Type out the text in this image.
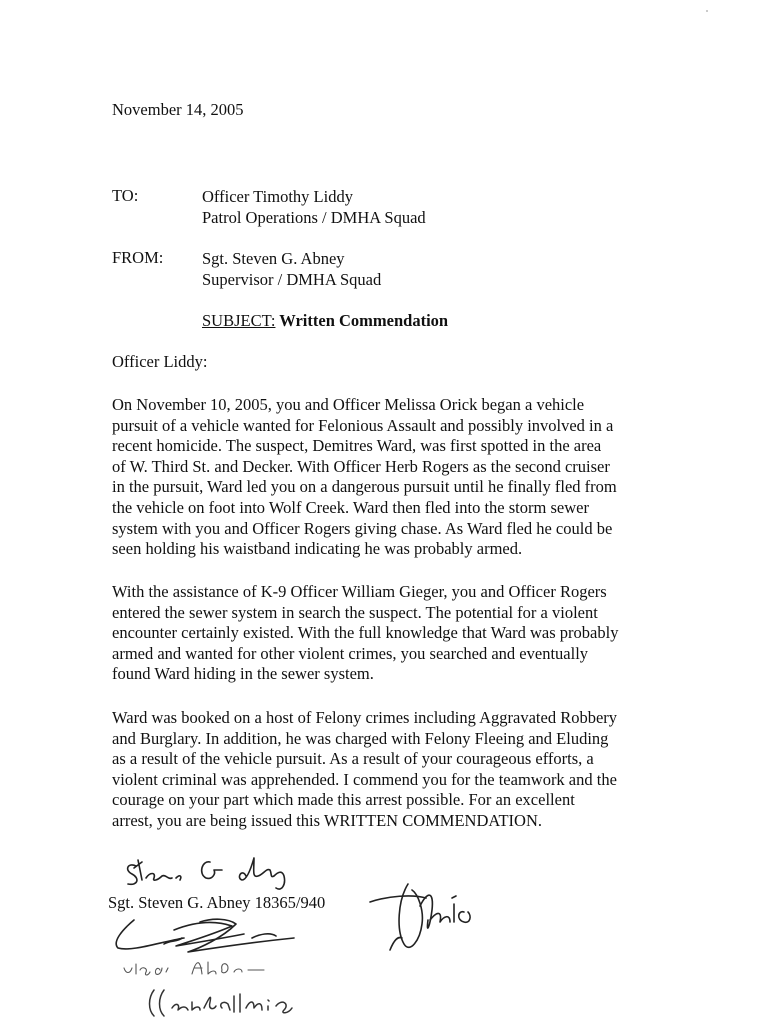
November 14, 2005
TO:	Officer Timothy Liddy
Patrol Operations / DMHA Squad
FROM: Sgt. Steven G. Abney
Supervisor / DMHA Squad
SUBJECT: Written Commendation
Officer Liddy:
On November 10, 2005, you and Officer Melissa Orick began a vehicle
pursuit of a vehicle wanted for Felonious Assault and possibly involved in a
recent homicide. The suspect, Demitres Ward, was first spotted in the area
of W. Third St. and Decker. With Officer Herb Rogers as the second cruiser
in the pursuit, Ward led you on a dangerous pursuit until he finally fled from
the vehicle on foot into Wolf Creek. Ward then fled into the storm sewer
system with you and Officer Rogers giving chase. As Ward fled he could be
seen holding his waistband indicating he was probably armed.
With the assistance of K-9 Officer William Gieger, you and Officer Rogers
entered the sewer system in search the suspect. The potential for a violent
encounter certainly existed. With the full knowledge that Ward was probably
armed and wanted for other violent crimes, you searched and eventually
found Ward hiding in the sewer system.
Ward was booked on a host of Felony crimes including Aggravated Robbery
and Burglary. In addition, he was charged with Felony Fleeing and Eluding
as a result of the vehicle pursuit. As a result of your courageous efforts, a
violent criminal was apprehended. I commend you for the teamwork and the
courage on your part which made this arrest possible. For an excellent
arrest, you are being issued this WRITTEN COMMENDATION.
Sgt. Steven G. Abney 18365/940
